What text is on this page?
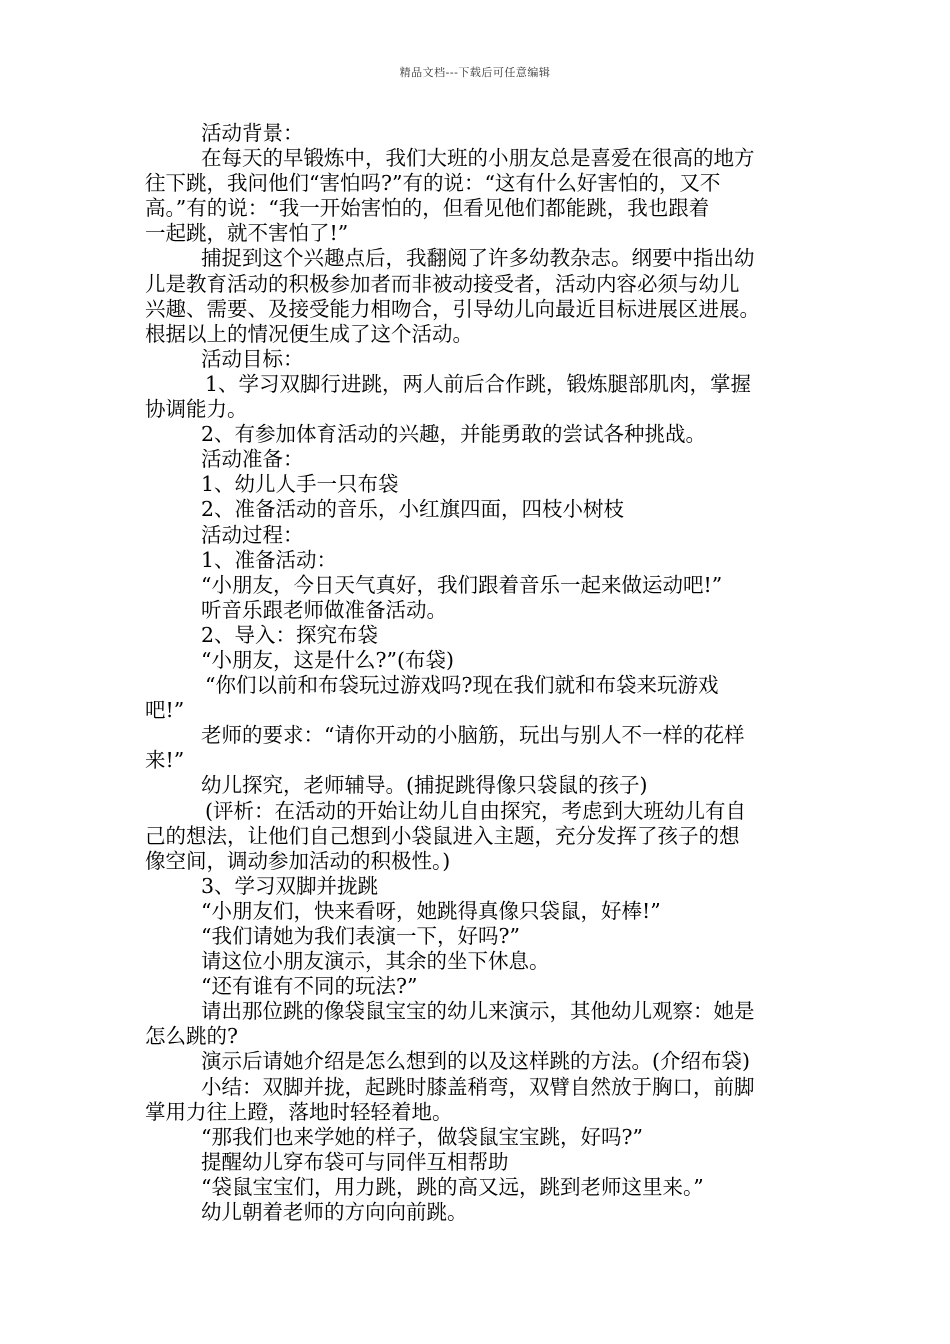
精品文档---下载后可任意编辑
活动背景：
在每天的早锻炼中，我们大班的小朋友总是喜爱在很高的地方
往下跳，我问他们“害怕吗?”有的说：“这有什么好害怕的，又不
高。”有的说：“我一开始害怕的，但看见他们都能跳，我也跟着
一起跳，就不害怕了!”
捕捉到这个兴趣点后，我翻阅了许多幼教杂志。纲要中指出幼
儿是教育活动的积极参加者而非被动接受者，活动内容必须与幼儿
兴趣、需要、及接受能力相吻合，引导幼儿向最近目标进展区进展。
根据以上的情况便生成了这个活动。
活动目标：
1、学习双脚行进跳，两人前后合作跳，锻炼腿部肌肉，掌握
协调能力。
2、有参加体育活动的兴趣，并能勇敢的尝试各种挑战。
活动准备：
1、幼儿人手一只布袋
2、准备活动的音乐，小红旗四面，四枝小树枝
活动过程：
1、准备活动：
“小朋友，今日天气真好，我们跟着音乐一起来做运动吧!”
听音乐跟老师做准备活动。
2、导入：探究布袋
“小朋友，这是什么?”(布袋)
“你们以前和布袋玩过游戏吗?现在我们就和布袋来玩游戏
吧!”
老师的要求：“请你开动的小脑筋，玩出与别人不一样的花样
来!”
幼儿探究，老师辅导。(捕捉跳得像只袋鼠的孩子)
(评析：在活动的开始让幼儿自由探究，考虑到大班幼儿有自
己的想法，让他们自己想到小袋鼠进入主题，充分发挥了孩子的想
像空间，调动参加活动的积极性。)
3、学习双脚并拢跳
“小朋友们，快来看呀，她跳得真像只袋鼠，好棒!”
“我们请她为我们表演一下，好吗?”
请这位小朋友演示，其余的坐下休息。
“还有谁有不同的玩法?”
请出那位跳的像袋鼠宝宝的幼儿来演示，其他幼儿观察：她是
怎么跳的?
演示后请她介绍是怎么想到的以及这样跳的方法。(介绍布袋)
小结：双脚并拢，起跳时膝盖稍弯，双臂自然放于胸口，前脚
掌用力往上蹬，落地时轻轻着地。
“那我们也来学她的样子，做袋鼠宝宝跳，好吗?”
提醒幼儿穿布袋可与同伴互相帮助
“袋鼠宝宝们，用力跳，跳的高又远，跳到老师这里来。”
幼儿朝着老师的方向向前跳。
